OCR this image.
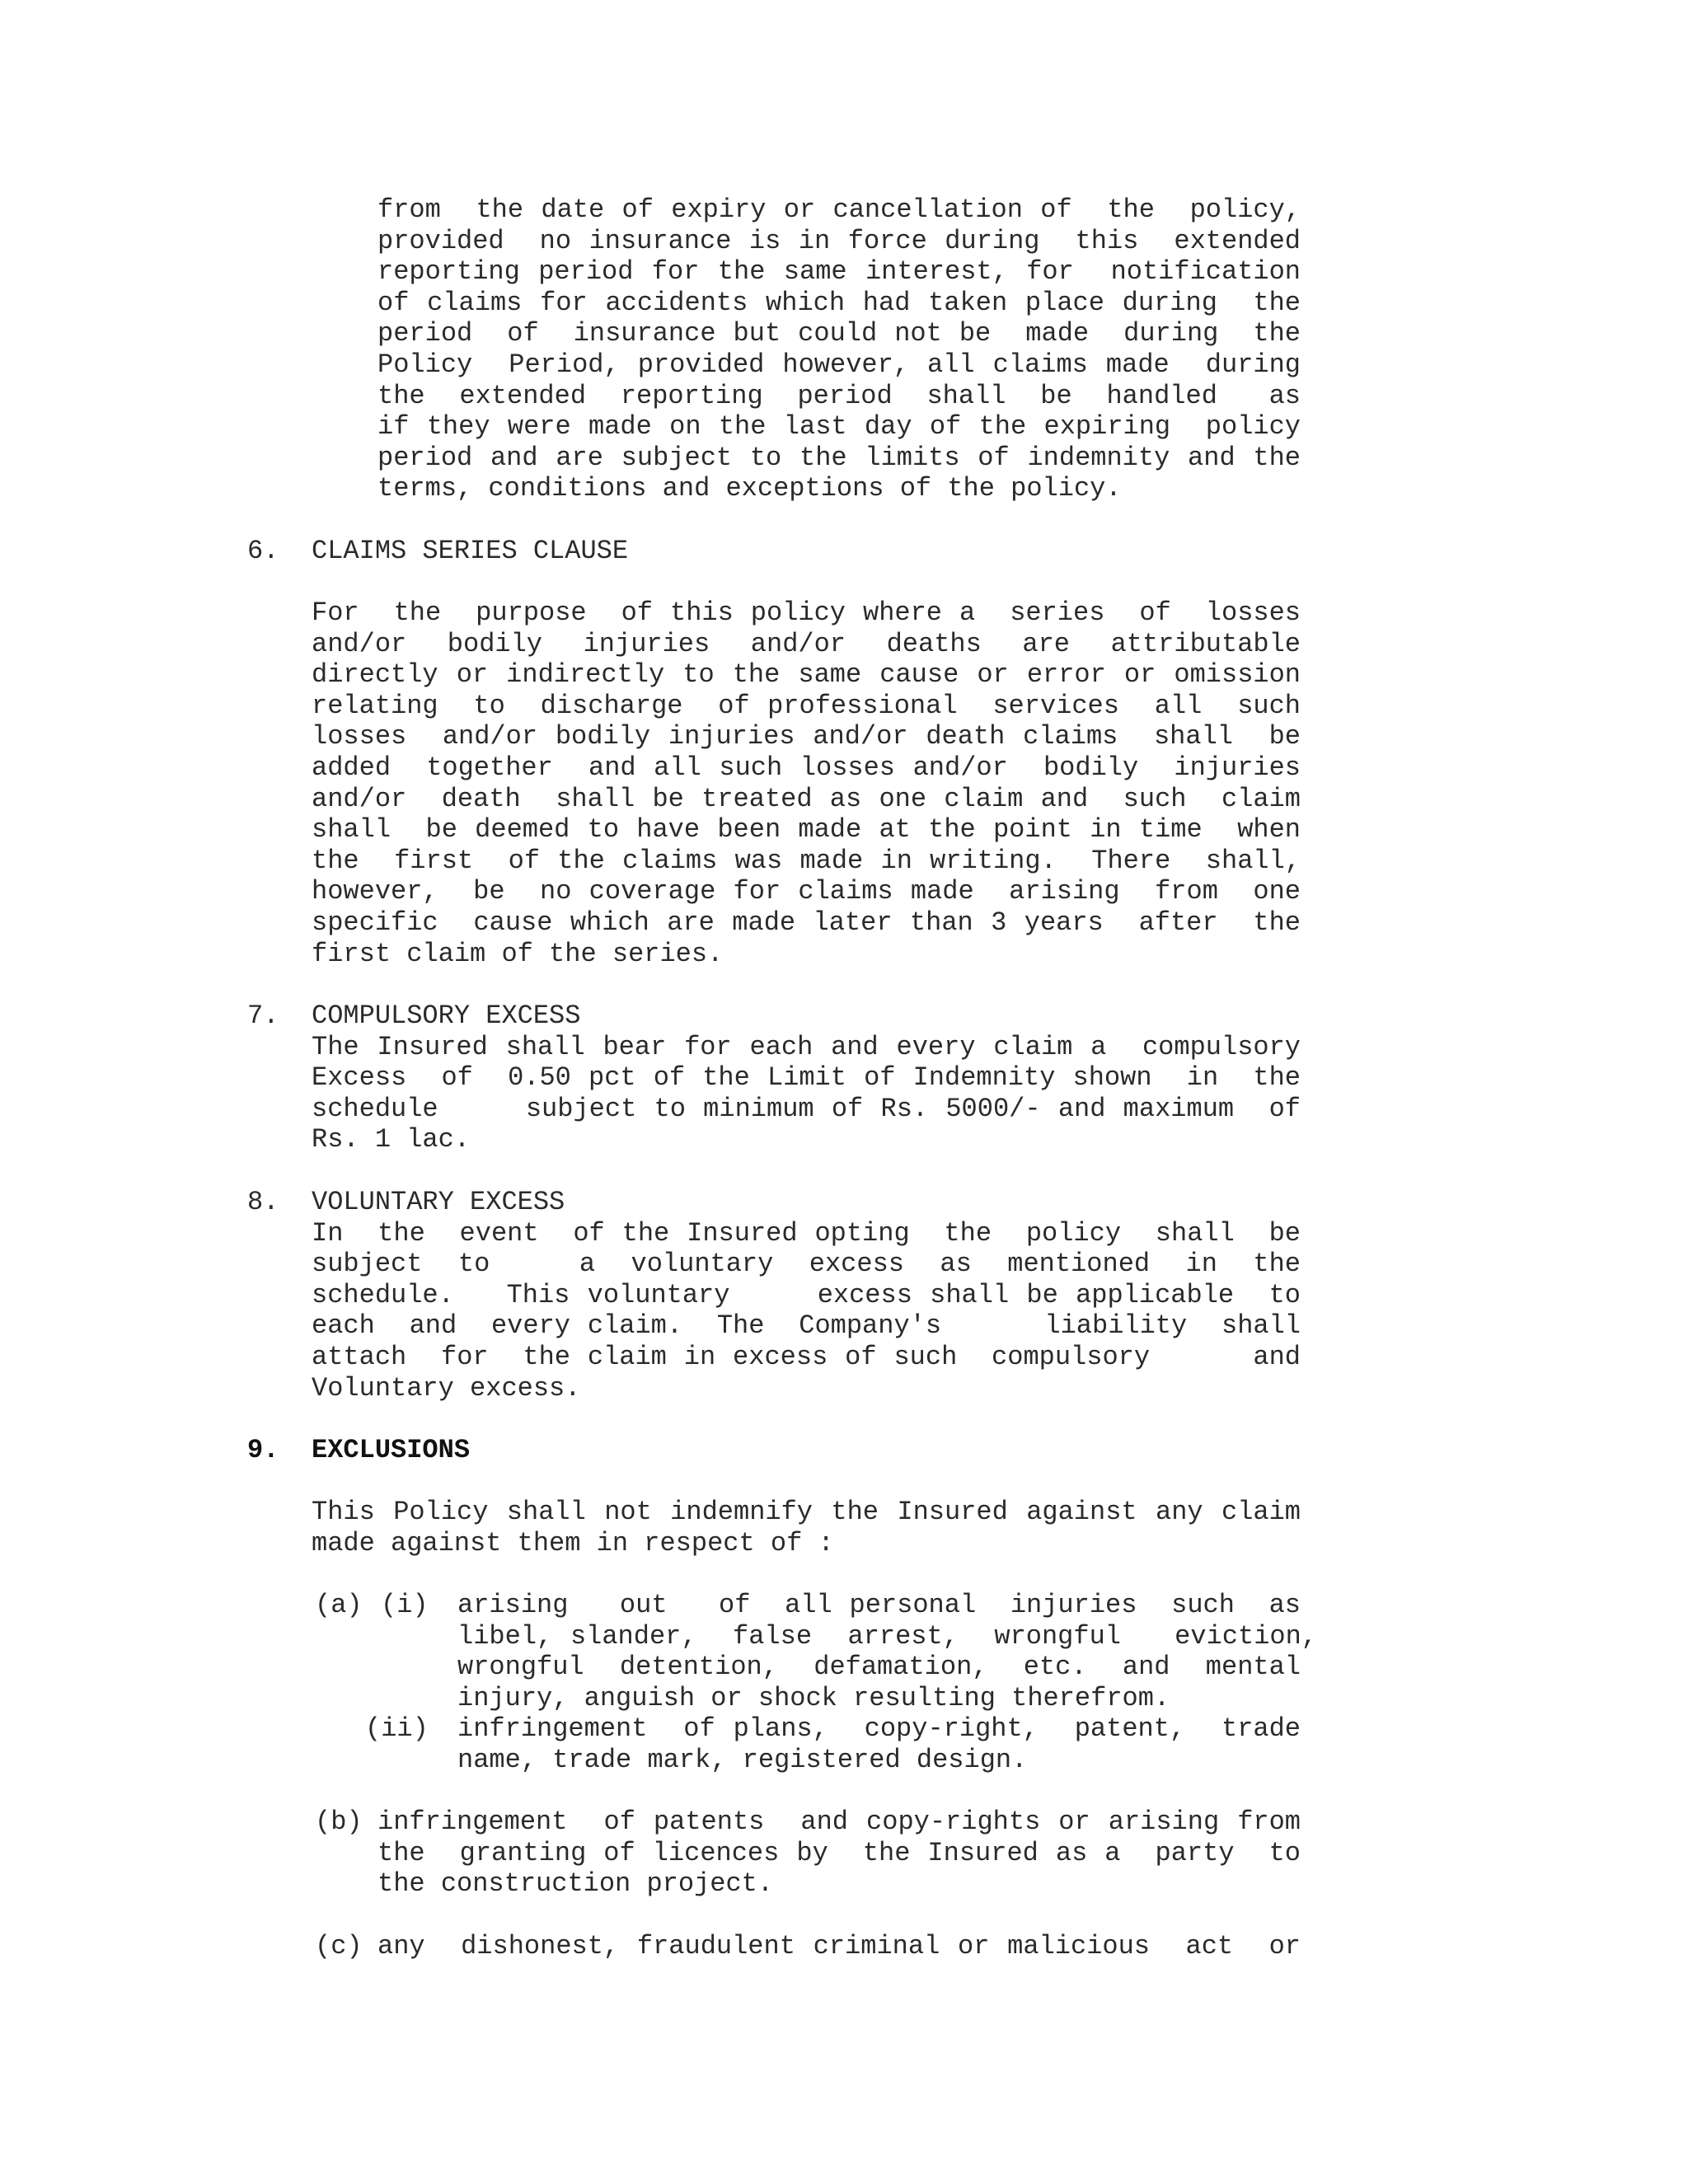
from  the date of expiry or cancellation of  the  policy,
provided  no insurance is in force during  this  extended
reporting period for the same interest, for  notification
of claims for accidents which had taken place during  the
period  of  insurance but could not be  made  during  the
Policy  Period, provided however, all claims made  during
the  extended  reporting  period  shall  be  handled   as
if they were made on the last day of the expiring  policy
period and are subject to the limits of indemnity and the
terms, conditions and exceptions of the policy.
6. CLAIMS SERIES CLAUSE
For  the  purpose  of this policy where a  series  of  losses
and/or  bodily  injuries  and/or  deaths  are  attributable
directly or indirectly to the same cause or error or omission
relating  to  discharge  of professional  services  all  such
losses  and/or bodily injuries and/or death claims  shall  be
added  together  and all such losses and/or  bodily  injuries
and/or  death  shall be treated as one claim and  such  claim
shall  be deemed to have been made at the point in time  when
the  first  of the claims was made in writing.  There  shall,
however,  be  no coverage for claims made  arising  from  one
specific  cause which are made later than 3 years  after  the
first claim of the series.
7. COMPULSORY EXCESS
The Insured shall bear for each and every claim a  compulsory
Excess  of  0.50 pct of the Limit of Indemnity shown  in  the
schedule     subject to minimum of Rs. 5000/- and maximum  of
Rs. 1 lac.
8. VOLUNTARY EXCESS
In  the  event  of the Insured opting  the  policy  shall  be
subject  to     a  voluntary  excess  as  mentioned  in  the
schedule.   This voluntary     excess shall be applicable  to
each  and  every claim.  The  Company's      liability  shall
attach  for  the claim in excess of such  compulsory      and
Voluntary excess.
9. EXCLUSIONS
This Policy shall not indemnify the Insured against any claim
made against them in respect of :
(a) (i) arising   out   of  all personal  injuries  such  as
libel, slander,  false  arrest,  wrongful   eviction,
wrongful  detention,  defamation,  etc.  and  mental
injury, anguish or shock resulting therefrom.
(ii) infringement  of plans,  copy-right,  patent,  trade
name, trade mark, registered design.
(b) infringement  of patents  and copy-rights or arising from
the  granting of licences by  the Insured as a  party  to
the construction project.
(c) any  dishonest, fraudulent criminal or malicious  act  or
